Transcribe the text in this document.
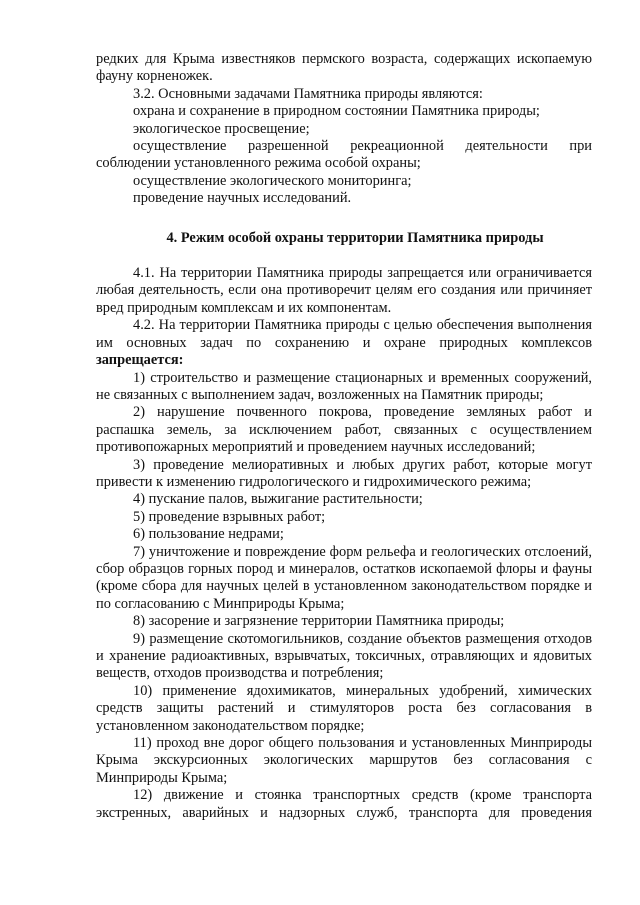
редких для Крыма известняков пермского возраста, содержащих ископаемую фауну корненожек.

3.2. Основными задачами Памятника природы являются:

охрана и сохранение в природном состоянии Памятника природы;

экологическое просвещение;

осуществление разрешенной рекреационной деятельности при соблюдении установленного режима особой охраны;

осуществление экологического мониторинга;

проведение научных исследований.

4. Режим особой охраны территории Памятника природы

4.1. На территории Памятника природы запрещается или ограничивается любая деятельность, если она противоречит целям его создания или причиняет вред природным комплексам и их компонентам.

4.2. На территории Памятника природы с целью обеспечения выполнения им основных задач по сохранению и охране природных комплексов запрещается:

1) строительство и размещение стационарных и временных сооружений, не связанных с выполнением задач, возложенных на Памятник природы;

2) нарушение почвенного покрова, проведение земляных работ и распашка земель, за исключением работ, связанных с осуществлением противопожарных мероприятий и проведением научных исследований;

3) проведение мелиоративных и любых других работ, которые могут привести к изменению гидрологического и гидрохимического режима;

4) пускание палов, выжигание растительности;

5) проведение взрывных работ;

6) пользование недрами;

7) уничтожение и повреждение форм рельефа и геологических отслоений, сбор образцов горных пород и минералов, остатков ископаемой флоры и фауны (кроме сбора для научных целей в установленном законодательством порядке и по согласованию с Минприроды Крыма;

8) засорение и загрязнение территории Памятника природы;

9) размещение скотомогильников, создание объектов размещения отходов и хранение радиоактивных, взрывчатых, токсичных, отравляющих и ядовитых веществ, отходов производства и потребления;

10) применение ядохимикатов, минеральных удобрений, химических средств защиты растений и стимуляторов роста без согласования в установленном законодательством порядке;

11) проход вне дорог общего пользования и установленных Минприроды Крыма экскурсионных экологических маршрутов без согласования с Минприроды Крыма;

12) движение и стоянка транспортных средств (кроме транспорта экстренных, аварийных и надзорных служб, транспорта для проведения
